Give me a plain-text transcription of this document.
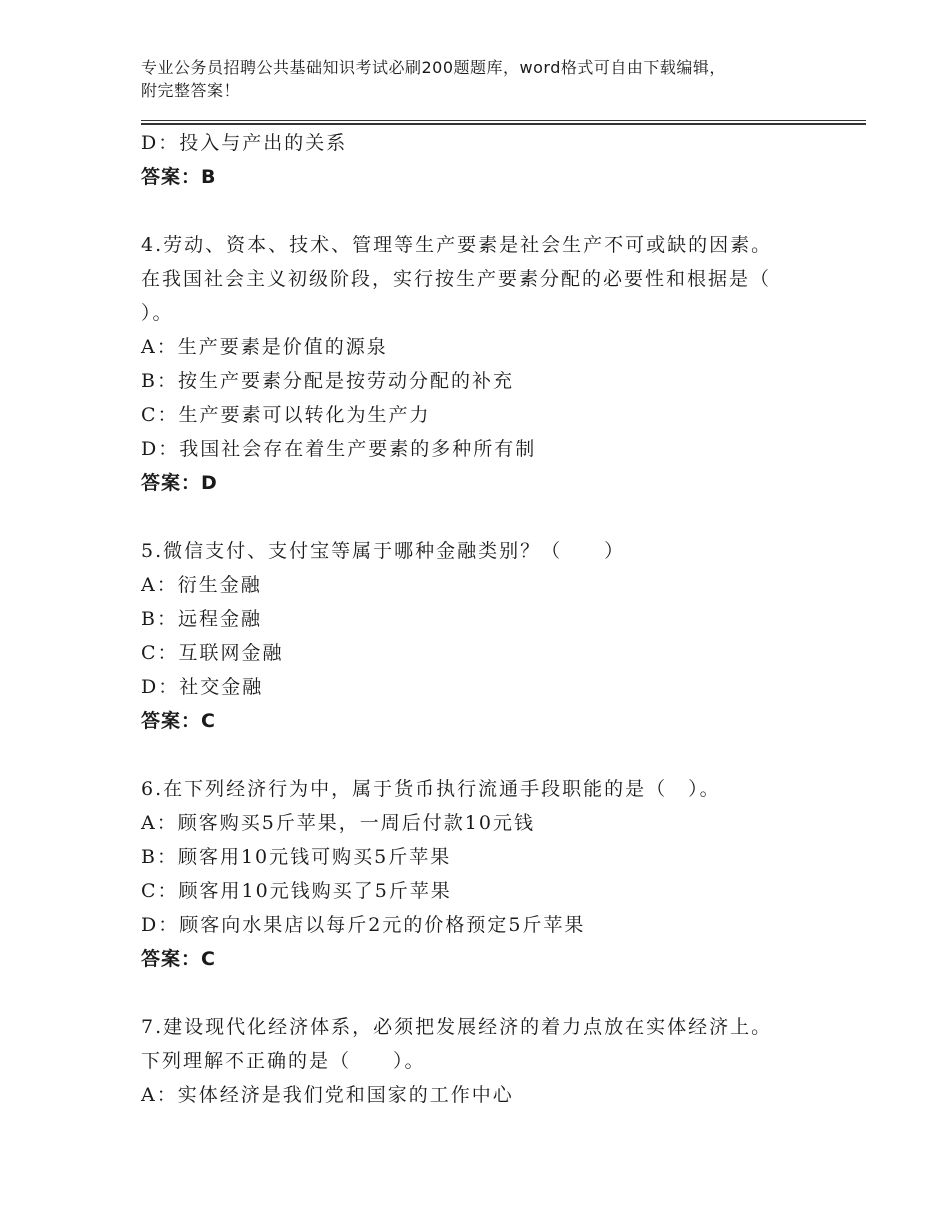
专业公务员招聘公共基础知识考试必刷200题题库，word格式可自由下载编辑，
附完整答案！
D：投入与产出的关系
答案：B
4.劳动、资本、技术、管理等生产要素是社会生产不可或缺的因素。
在我国社会主义初级阶段，实行按生产要素分配的必要性和根据是（
）。
A：生产要素是价值的源泉
B：按生产要素分配是按劳动分配的补充
C：生产要素可以转化为生产力
D：我国社会存在着生产要素的多种所有制
答案：D
5.微信支付、支付宝等属于哪种金融类别？（　　）
A：衍生金融
B：远程金融
C：互联网金融
D：社交金融
答案：C
6.在下列经济行为中，属于货币执行流通手段职能的是（　）。
A：顾客购买5斤苹果，一周后付款10元钱
B：顾客用10元钱可购买5斤苹果
C：顾客用10元钱购买了5斤苹果
D：顾客向水果店以每斤2元的价格预定5斤苹果
答案：C
7.建设现代化经济体系，必须把发展经济的着力点放在实体经济上。
下列理解不正确的是（　　）。
A：实体经济是我们党和国家的工作中心
